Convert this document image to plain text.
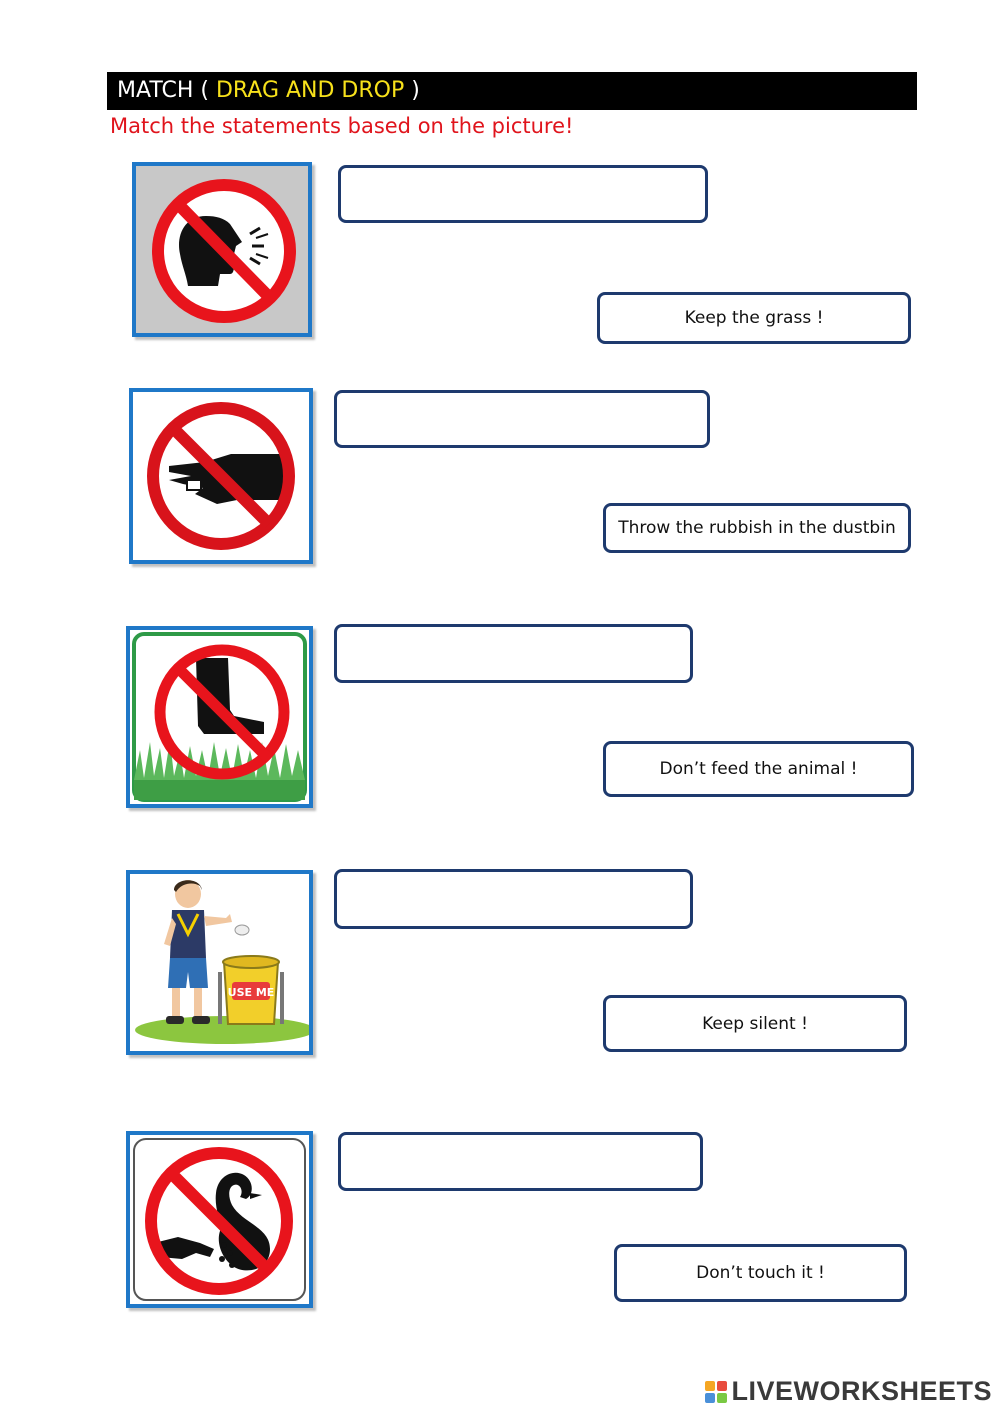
MATCH ( DRAG AND DROP )
Match the statements based on the picture!
USE ME
Keep the grass !
Throw the rubbish in the dustbin
Don’t feed the animal !
Keep silent !
Don’t touch it !
LIVEWORKSHEETS
